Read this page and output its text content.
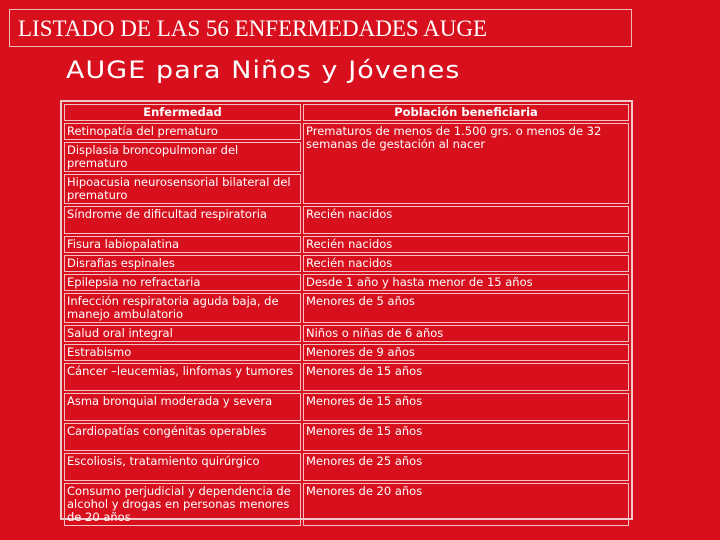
LISTADO DE LAS 56 ENFERMEDADES AUGE
AUGE para Niños y Jóvenes
Enfermedad	Población beneficiaria
Retinopatía del prematuro	Prematuros de menos de 1.500 grs. o menos de 32 semanas de gestación al nacer
Displasia broncopulmonar del prematuro	
Hipoacusia neurosensorial bilateral del prematuro	
Síndrome de dificultad respiratoria	Recién nacidos
Fisura labiopalatina	Recién nacidos
Disrafias espinales	Recién nacidos
Epilepsia no refractaria	Desde 1 año y hasta menor de 15 años
Infección respiratoria aguda baja, de manejo ambulatorio	Menores de 5 años
Salud oral integral	Niños o niñas de 6 años
Estrabismo	Menores de 9 años
Cáncer –leucemias, linfomas y tumores	Menores de 15 años
Asma bronquial moderada y severa	Menores de 15 años
Cardiopatías congénitas operables	Menores de 15 años
Escoliosis, tratamiento quirúrgico	Menores de 25 años
Consumo perjudicial y dependencia de alcohol y drogas en personas menores de 20 años	Menores de 20 años
